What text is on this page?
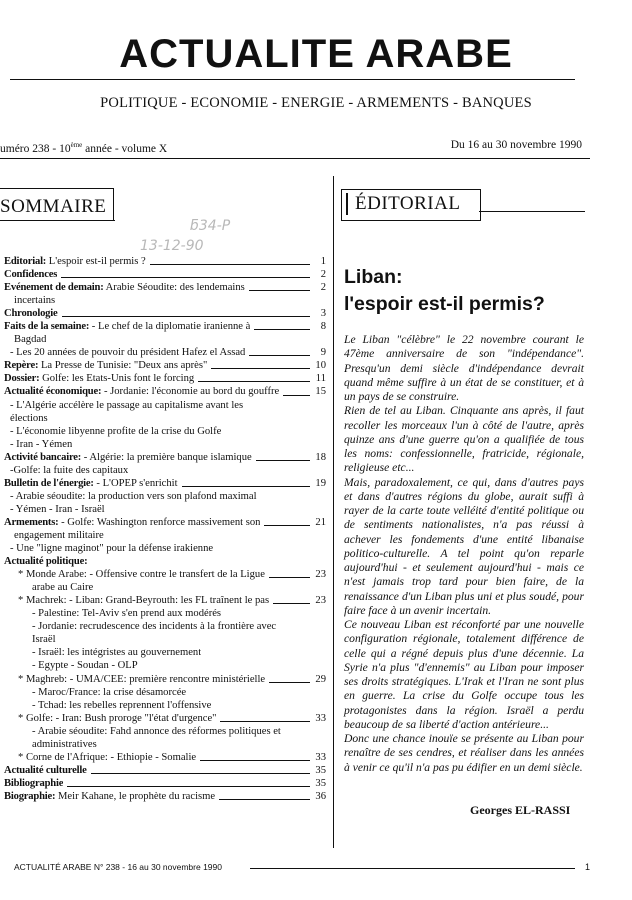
ACTUALITE ARABE
POLITIQUE - ECONOMIE - ENERGIE - ARMEMENTS - BANQUES
uméro 238 - 10ème année - volume X	Du 16 au 30 novembre 1990
SOMMAIRE
ƃ34-P
13-12-90
Editorial: L'espoir est-il permis ?	1
Confidences	2
Evénement de demain: Arabie Séoudite: des lendemains	2
incertains
Chronologie	3
Faits de la semaine: - Le chef de la diplomatie iranienne à	8
Bagdad
- Les 20 années de pouvoir du président Hafez el Assad	9
Repère: La Presse de Tunisie: "Deux ans après"	10
Dossier: Golfe: les Etats-Unis font le forcing	11
Actualité économique: - Jordanie: l'économie au bord du gouffre	15
- L'Algérie accélère le passage au capitalisme avant les
élections
- L'économie libyenne profite de la crise du Golfe
- Iran - Yémen
Activité bancaire: - Algérie: la première banque islamique	18
-Golfe: la fuite des capitaux
Bulletin de l'énergie: - L'OPEP s'enrichit	19
- Arabie séoudite: la production vers son plafond maximal
- Yémen - Iran - Israël
Armements: - Golfe: Washington renforce massivement son	21
engagement militaire
- Une "ligne maginot" pour la défense irakienne
Actualité politique:
* Monde Arabe: - Offensive contre le transfert de la Ligue	23
arabe au Caire
* Machrek: - Liban: Grand-Beyrouth: les FL traînent le pas	23
- Palestine: Tel-Aviv s'en prend aux modérés
- Jordanie: recrudescence des incidents à la frontière avec
Israël
- Israël: les intégristes au gouvernement
- Egypte - Soudan - OLP
* Maghreb: - UMA/CEE: première rencontre ministérielle	29
- Maroc/France: la crise désamorcée
- Tchad: les rebelles reprennent l'offensive
* Golfe: - Iran: Bush proroge "l'état d'urgence"	33
- Arabie séoudite: Fahd annonce des réformes politiques et
administratives
* Corne de l'Afrique: - Ethiopie - Somalie	33
Actualité culturelle	35
Bibliographie	35
Biographie: Meir Kahane, le prophète du racisme	36
ÉDITORIAL
Liban:
l'espoir est-il permis?

Le Liban "célèbre" le 22 novembre courant le 47ème anniversaire de son "indépendance". Presqu'un demi siècle d'indépendance devrait quand même suffire à un état de se constituer, et à un pays de se construire.

Rien de tel au Liban. Cinquante ans après, il faut recoller les morceaux l'un à côté de l'autre, après quinze ans d'une guerre qu'on a qualifiée de tous les noms: confessionnelle, fratricide, régionale, religieuse etc...

Mais, paradoxalement, ce qui, dans d'autres pays et dans d'autres régions du globe, aurait suffi à rayer de la carte toute velléité d'entité politique ou de sentiments nationalistes, n'a pas réussi à achever les fondements d'une entité libanaise politico-culturelle. A tel point qu'on reparle aujourd'hui - et seulement aujourd'hui - mais ce n'est jamais trop tard pour bien faire, de la renaissance d'un Liban plus uni et plus soudé, pour faire face à un avenir incertain.

Ce nouveau Liban est réconforté par une nouvelle configuration régionale, totalement différence de celle qui a régné depuis plus d'une décennie. La Syrie n'a plus "d'ennemis" au Liban pour imposer ses droits stratégiques. L'Irak et l'Iran ne sont plus en guerre. La crise du Golfe occupe tous les protagonistes dans la région. Israël a perdu beaucoup de sa liberté d'action antérieure...

Donc une chance inouïe se présente au Liban pour renaître de ses cendres, et réaliser dans les années à venir ce qu'il n'a pas pu édifier en un demi siècle.

Georges EL-RASSI
ACTUALITÉ ARABE N° 238 - 16 au 30 novembre 1990	1
